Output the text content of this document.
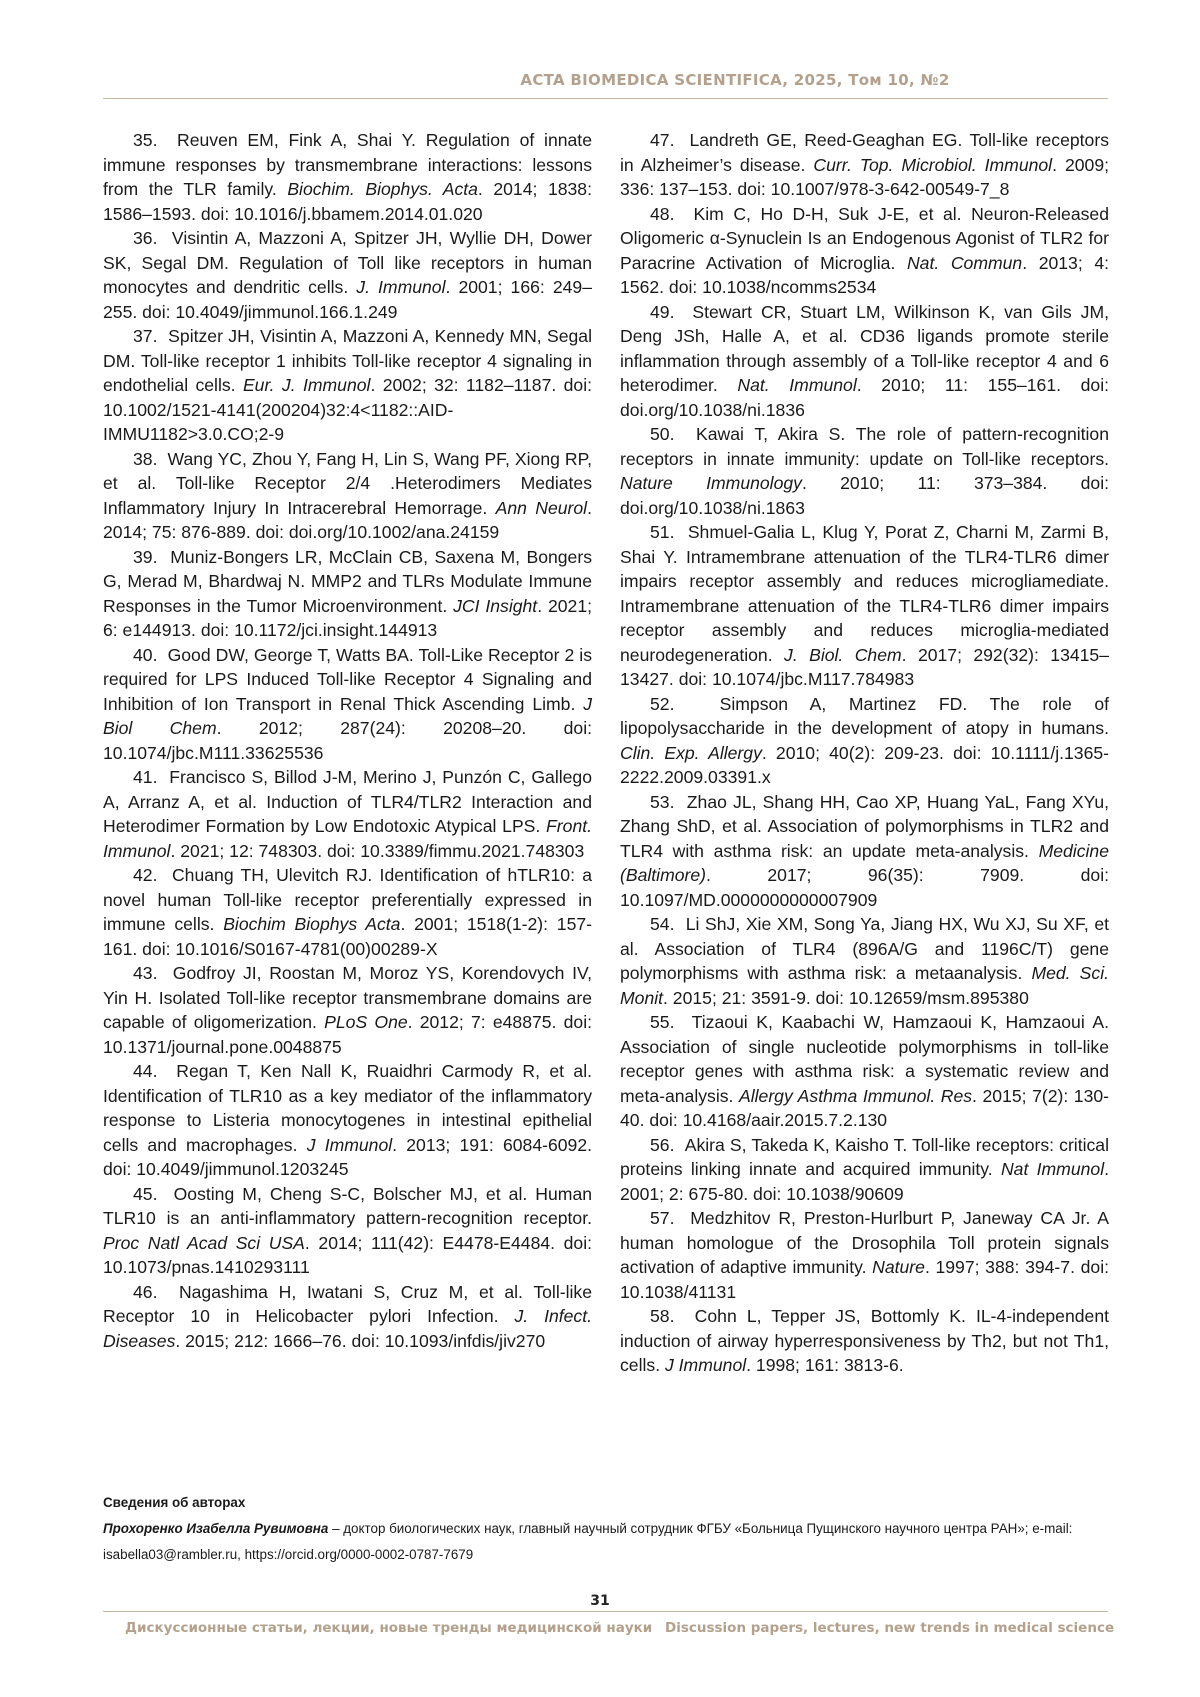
ACTA BIOMEDICA SCIENTIFICA, 2025, Том 10, №2

35. Reuven EM, Fink A, Shai Y. Regulation of innate immune responses by transmembrane interactions: lessons from the TLR family. Biochim. Biophys. Acta. 2014; 1838: 1586–1593. doi: 10.1016/j.bbamem.2014.01.020

36. Visintin A, Mazzoni A, Spitzer JH, Wyllie DH, Dower SK, Segal DM. Regulation of Toll like receptors in human monocytes and dendritic cells. J. Immunol. 2001; 166: 249–255. doi: 10.4049/jimmunol.166.1.249

37. Spitzer JH, Visintin A, Mazzoni A, Kennedy MN, Segal DM. Toll-like receptor 1 inhibits Toll-like receptor 4 signaling in endothelial cells. Eur. J. Immunol. 2002; 32: 1182–1187. doi: 10.1002/1521-4141(200204)32:4<1182::AID-IMMU1182>3.0.CO;2-9

38. Wang YC, Zhou Y, Fang H, Lin S, Wang PF, Xiong RP, et al. Toll-like Receptor 2/4 .Heterodimers Mediates Inflammatory Injury In Intracerebral Hemorrage. Ann Neurol. 2014; 75: 876-889. doi: doi.org/10.1002/ana.24159

39. Muniz-Bongers LR, McClain CB, Saxena M, Bongers G, Merad M, Bhardwaj N. MMP2 and TLRs Modulate Immune Responses in the Tumor Microenvironment. JCI Insight. 2021; 6: e144913. doi: 10.1172/jci.insight.144913

40. Good DW, George T, Watts BA. Toll-Like Receptor 2 is required for LPS Induced Toll-like Receptor 4 Signaling and Inhibition of Ion Transport in Renal Thick Ascending Limb. J Biol Chem. 2012; 287(24): 20208–20. doi: 10.1074/jbc.M111.33625536

41. Francisco S, Billod J-M, Merino J, Punzón C, Gallego A, Arranz A, et al. Induction of TLR4/TLR2 Interaction and Heterodimer Formation by Low Endotoxic Atypical LPS. Front. Immunol. 2021; 12: 748303. doi: 10.3389/fimmu.2021.748303

42. Chuang TH, Ulevitch RJ. Identification of hTLR10: a novel human Toll-like receptor preferentially expressed in immune cells. Biochim Biophys Acta. 2001; 1518(1-2): 157-161. doi: 10.1016/S0167-4781(00)00289-X

43. Godfroy JI, Roostan M, Moroz YS, Korendovych IV, Yin H. Isolated Toll-like receptor transmembrane domains are capable of oligomerization. PLoS One. 2012; 7: e48875. doi: 10.1371/journal.pone.0048875

44. Regan T, Ken Nall K, Ruaidhri Carmody R, et al. Identification of TLR10 as a key mediator of the inflammatory response to Listeria monocytogenes in intestinal epithelial cells and macrophages. J Immunol. 2013; 191: 6084-6092. doi: 10.4049/jimmunol.1203245

45. Oosting M, Cheng S-C, Bolscher MJ, et al. Human TLR10 is an anti-inflammatory pattern-recognition receptor. Proc Natl Acad Sci USA. 2014; 111(42): E4478-E4484. doi: 10.1073/pnas.1410293111

46. Nagashima H, Iwatani S, Cruz M, et al. Toll-like Receptor 10 in Helicobacter pylori Infection. J. Infect. Diseases. 2015; 212: 1666–76. doi: 10.1093/infdis/jiv270

47. Landreth GE, Reed-Geaghan EG. Toll-like receptors in Alzheimer’s disease. Curr. Top. Microbiol. Immunol. 2009; 336: 137–153. doi: 10.1007/978-3-642-00549-7_8

48. Kim C, Ho D-H, Suk J-E, et al. Neuron-Released Oligomeric α-Synuclein Is an Endogenous Agonist of TLR2 for Paracrine Activation of Microglia. Nat. Commun. 2013; 4: 1562. doi: 10.1038/ncomms2534

49. Stewart CR, Stuart LM, Wilkinson K, van Gils JM, Deng JSh, Halle A, et al. CD36 ligands promote sterile inflammation through assembly of a Toll-like receptor 4 and 6 heterodimer. Nat. Immunol. 2010; 11: 155–161. doi: doi.org/10.1038/ni.1836

50. Kawai T, Akira S. The role of pattern-recognition receptors in innate immunity: update on Toll-like receptors. Nature Immunology. 2010; 11: 373–384. doi: doi.org/10.1038/ni.1863

51. Shmuel-Galia L, Klug Y, Porat Z, Charni M, Zarmi B, Shai Y. Intramembrane attenuation of the TLR4-TLR6 dimer impairs receptor assembly and reduces microgliamediate. Intramembrane attenuation of the TLR4-TLR6 dimer impairs receptor assembly and reduces microglia-mediated neurodegeneration. J. Biol. Chem. 2017; 292(32): 13415–13427. doi: 10.1074/jbc.M117.784983

52.	Simpson A, Martinez FD. The role of lipopolysaccharide in the development of atopy in humans. Clin. Exp. Allergy. 2010; 40(2): 209-23. doi: 10.1111/j.1365-2222.2009.03391.x

53. Zhao JL, Shang HH, Cao XP, Huang YaL, Fang XYu, Zhang ShD, et al. Association of polymorphisms in TLR2 and TLR4 with asthma risk: an update meta-analysis. Medicine (Baltimore). 2017; 96(35): 7909. doi: 10.1097/MD.0000000000007909

54. Li ShJ, Xie XM, Song Ya, Jiang HX, Wu XJ, Su XF, et al. Association of TLR4 (896A/G and 1196C/T) gene polymorphisms with asthma risk: a metaanalysis. Med. Sci. Monit. 2015; 21: 3591-9. doi: 10.12659/msm.895380

55. Tizaoui K, Kaabachi W, Hamzaoui K, Hamzaoui A. Association of single nucleotide polymorphisms in toll-like receptor genes with asthma risk: a systematic review and meta-analysis. Allergy Asthma Immunol. Res. 2015; 7(2): 130-40. doi: 10.4168/aair.2015.7.2.130

56. Akira S, Takeda K, Kaisho T. Toll-like receptors: critical proteins linking innate and acquired immunity. Nat Immunol. 2001; 2: 675-80. doi: 10.1038/90609

57. Medzhitov R, Preston-Hurlburt P, Janeway CA Jr. A human homologue of the Drosophila Toll protein signals activation of adaptive immunity. Nature. 1997; 388: 394-7. doi: 10.1038/41131

58. Cohn L, Tepper JS, Bottomly K. IL-4-independent induction of airway hyperresponsiveness by Th2, but not Th1, cells. J Immunol. 1998; 161: 3813-6.

Сведения об авторах
Прохоренко Изабелла Рувимовна – доктор биологических наук, главный научный сотрудник ФГБУ «Больница Пущинского научного центра РАН»; e-mail: isabella03@rambler.ru, https://orcid.org/0000-0002-0787-7679
31
Дискуссионные статьи, лекции, новые тренды медицинской науки Discussion papers, lectures, new trends in medical science
